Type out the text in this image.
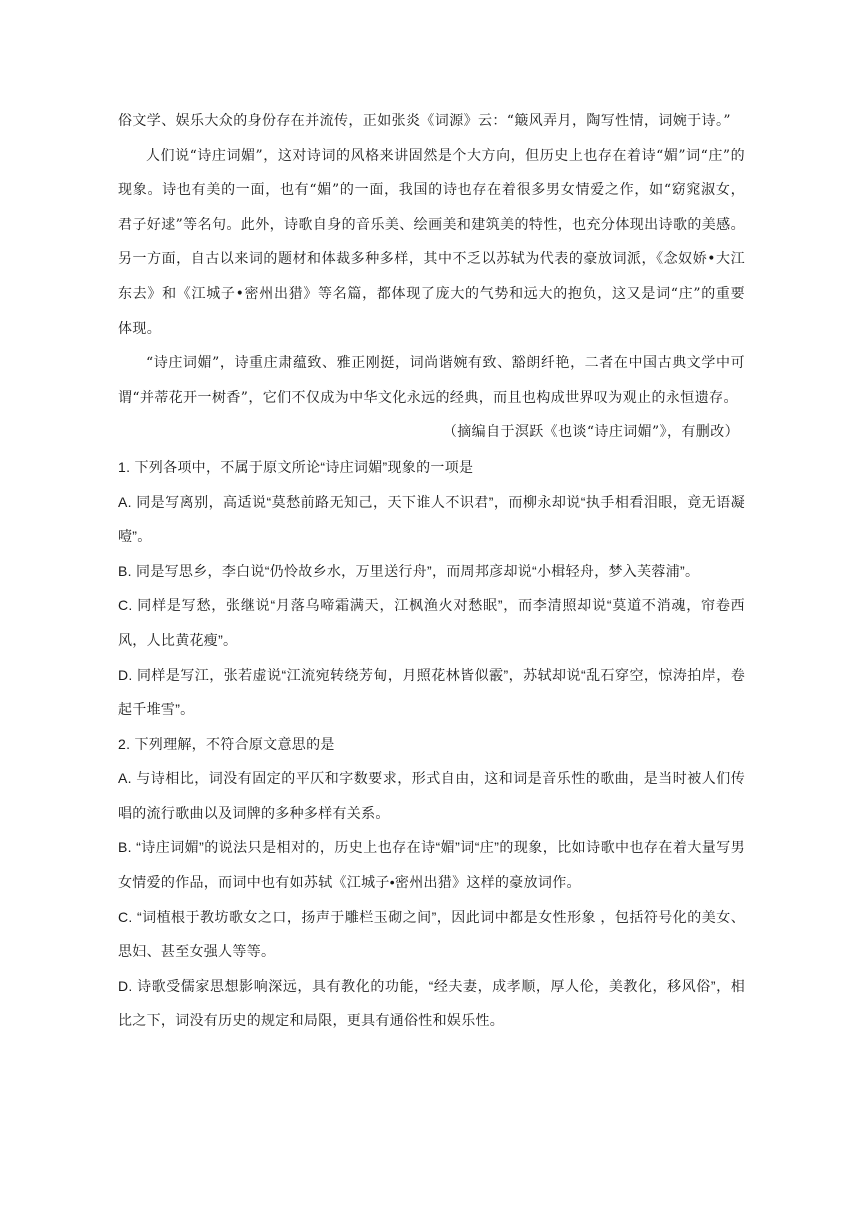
俗文学、娱乐大众的身份存在并流传，正如张炎《词源》云：“簸风弄月，陶写性情，词婉于诗。”

人们说“诗庄词媚”，这对诗词的风格来讲固然是个大方向，但历史上也存在着诗“媚”词“庄”的现象。诗也有美的一面，也有“媚”的一面，我国的诗也存在着很多男女情爱之作，如“窈窕淑女，君子好逑”等名句。此外，诗歌自身的音乐美、绘画美和建筑美的特性，也充分体现出诗歌的美感。另一方面，自古以来词的题材和体裁多种多样，其中不乏以苏轼为代表的豪放词派，《念奴娇•大江东去》和《江城子•密州出猎》等名篇，都体现了庞大的气势和远大的抱负，这又是词“庄”的重要体现。

“诗庄词媚”，诗重庄肃蕴致、雅正刚挺，词尚谐婉有致、豁朗纤艳，二者在中国古典文学中可谓“并蒂花开一树香”，它们不仅成为中华文化永远的经典，而且也构成世界叹为观止的永恒遗存。

（摘编自于溟跃《也谈“诗庄词媚”》，有删改）

1. 下列各项中，不属于原文所论“诗庄词媚”现象的一项是

A. 同是写离别，高适说“莫愁前路无知己，天下谁人不识君”，而柳永却说“执手相看泪眼，竟无语凝噎”。

B. 同是写思乡，李白说“仍怜故乡水，万里送行舟”，而周邦彦却说“小楫轻舟，梦入芙蓉浦”。

C. 同样是写愁，张继说“月落乌啼霜满天，江枫渔火对愁眠”，而李清照却说“莫道不消魂，帘卷西风，人比黄花瘦”。

D. 同样是写江，张若虚说“江流宛转绕芳甸，月照花林皆似霰”，苏轼却说“乱石穿空，惊涛拍岸，卷起千堆雪”。

2. 下列理解，不符合原文意思的是

A. 与诗相比，词没有固定的平仄和字数要求，形式自由，这和词是音乐性的歌曲，是当时被人们传唱的流行歌曲以及词牌的多种多样有关系。

B. “诗庄词媚”的说法只是相对的，历史上也存在诗“媚”词“庄”的现象，比如诗歌中也存在着大量写男女情爱的作品，而词中也有如苏轼《江城子•密州出猎》这样的豪放词作。

C. “词植根于教坊歌女之口，扬声于雕栏玉砌之间”，因此词中都是女性形象 ，包括符号化的美女、思妇、甚至女强人等等。

D. 诗歌受儒家思想影响深远，具有教化的功能，“经夫妻，成孝顺，厚人伦，美教化，移风俗”，相比之下，词没有历史的规定和局限，更具有通俗性和娱乐性。
